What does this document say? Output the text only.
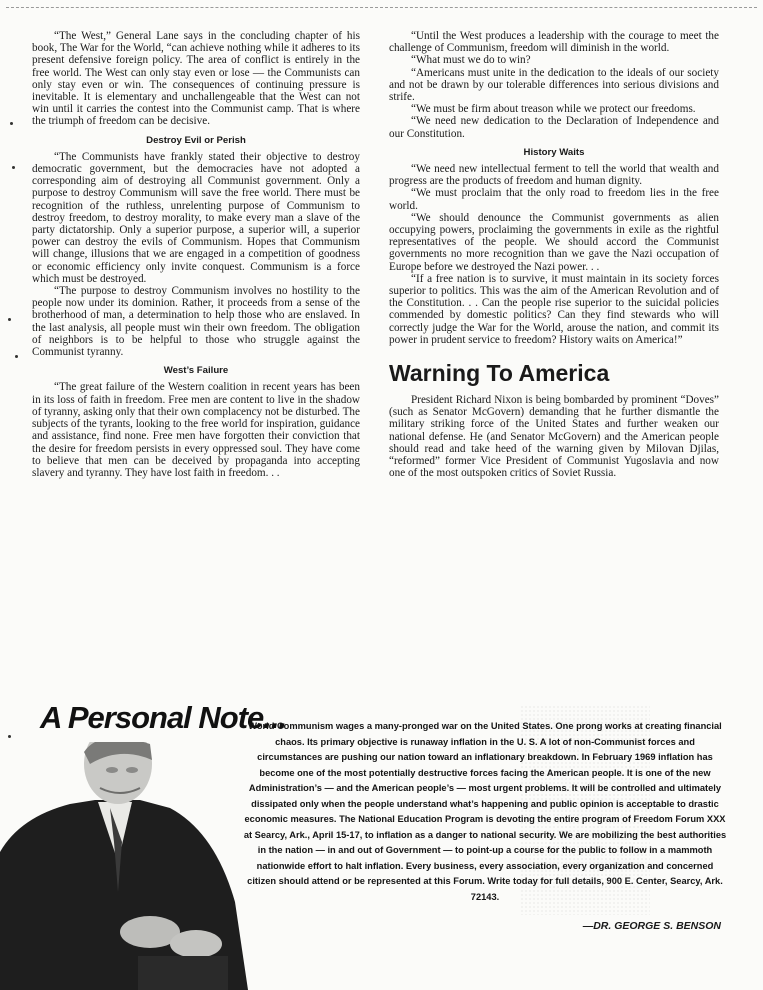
“The West,” General Lane says in the concluding chapter of his book, The War for the World, “can achieve nothing while it adheres to its present defensive foreign policy. The area of conflict is entirely in the free world. The West can only stay even or lose — the Communists can only stay even or win. The consequences of continuing pressure is inevitable. It is elementary and unchallengeable that the West can not win until it carries the contest into the Communist camp. That is where the triumph of freedom can be decisive.

Destroy Evil or Perish

“The Communists have frankly stated their objective to destroy democratic government, but the democracies have not adopted a corresponding aim of destroying all Communist government. Only a purpose to destroy Communism will save the free world. There must be recognition of the ruthless, unrelenting purpose of Communism to destroy freedom, to destroy morality, to make every man a slave of the party dictatorship. Only a superior purpose, a superior will, a superior power can destroy the evils of Communism. Hopes that Communism will change, illusions that we are engaged in a competition of goodness or economic efficiency only invite conquest. Communism is a force which must be destroyed.

“The purpose to destroy Communism involves no hostility to the people now under its dominion. Rather, it proceeds from a sense of the brotherhood of man, a determination to help those who are enslaved. In the last analysis, all people must win their own freedom. The obligation of neighbors is to be helpful to those who struggle against the Communist tyranny.

West’s Failure

“The great failure of the Western coalition in recent years has been in its loss of faith in freedom. Free men are content to live in the shadow of tyranny, asking only that their own complacency not be disturbed. The subjects of the tyrants, looking to the free world for inspiration, guidance and assistance, find none. Free men have forgotten their conviction that the desire for freedom persists in every oppressed soul. They have come to believe that men can be deceived by propaganda into accepting slavery and tyranny. They have lost faith in freedom. . .

“Until the West produces a leadership with the courage to meet the challenge of Communism, freedom will diminish in the world.

“What must we do to win?

“Americans must unite in the dedication to the ideals of our society and not be drawn by our tolerable differences into serious divisions and strife.

“We must be firm about treason while we protect our freedoms.

“We need new dedication to the Declaration of Independence and our Constitution.

History Waits

“We need new intellectual ferment to tell the world that wealth and progress are the products of freedom and human dignity.

“We must proclaim that the only road to freedom lies in the free world.

“We should denounce the Communist governments as alien occupying powers, proclaiming the governments in exile as the rightful representatives of the people. We should accord the Communist governments no more recognition than we gave the Nazi occupation of Europe before we destroyed the Nazi power. . .

“If a free nation is to survive, it must maintain in its society forces superior to politics. This was the aim of the American Revolution and of the Constitution. . . Can the people rise superior to the suicidal policies commended by domestic politics? Can they find stewards who will correctly judge the War for the World, arouse the nation, and commit its power in prudent service to freedom? History waits on America!”

Warning To America

President Richard Nixon is being bombarded by prominent “Doves” (such as Senator McGovern) demanding that he further dismantle the military striking force of the United States and further weaken our national defense. He (and Senator McGovern) and the American people should read and take heed of the warning given by Milovan Djilas, “reformed” former Vice President of Communist Yugoslavia and now one of the most outspoken critics of Soviet Russia.

A Personal Note...
World Communism wages a many-pronged war on the United States. One prong works at creating financial chaos. Its primary objective is runaway inflation in the U. S. A lot of non-Communist forces and circumstances are pushing our nation toward an inflationary breakdown. In February 1969 inflation has become one of the most potentially destructive forces facing the American people. It is one of the new Administration’s — and the American people’s — most urgent problems. It will be controlled and ultimately dissipated only when the people understand what’s happening and public opinion is acceptable to drastic economic measures. The National Education Program is devoting the entire program of Freedom Forum XXX at Searcy, Ark., April 15-17, to inflation as a danger to national security. We are mobilizing the best authorities in the nation — in and out of Government — to point-up a course for the public to follow in a mammoth nationwide effort to halt inflation. Every business, every association, every organization and concerned citizen should attend or be represented at this Forum. Write today for full details, 900 E. Center, Searcy, Ark. 72143.
—DR. GEORGE S. BENSON
